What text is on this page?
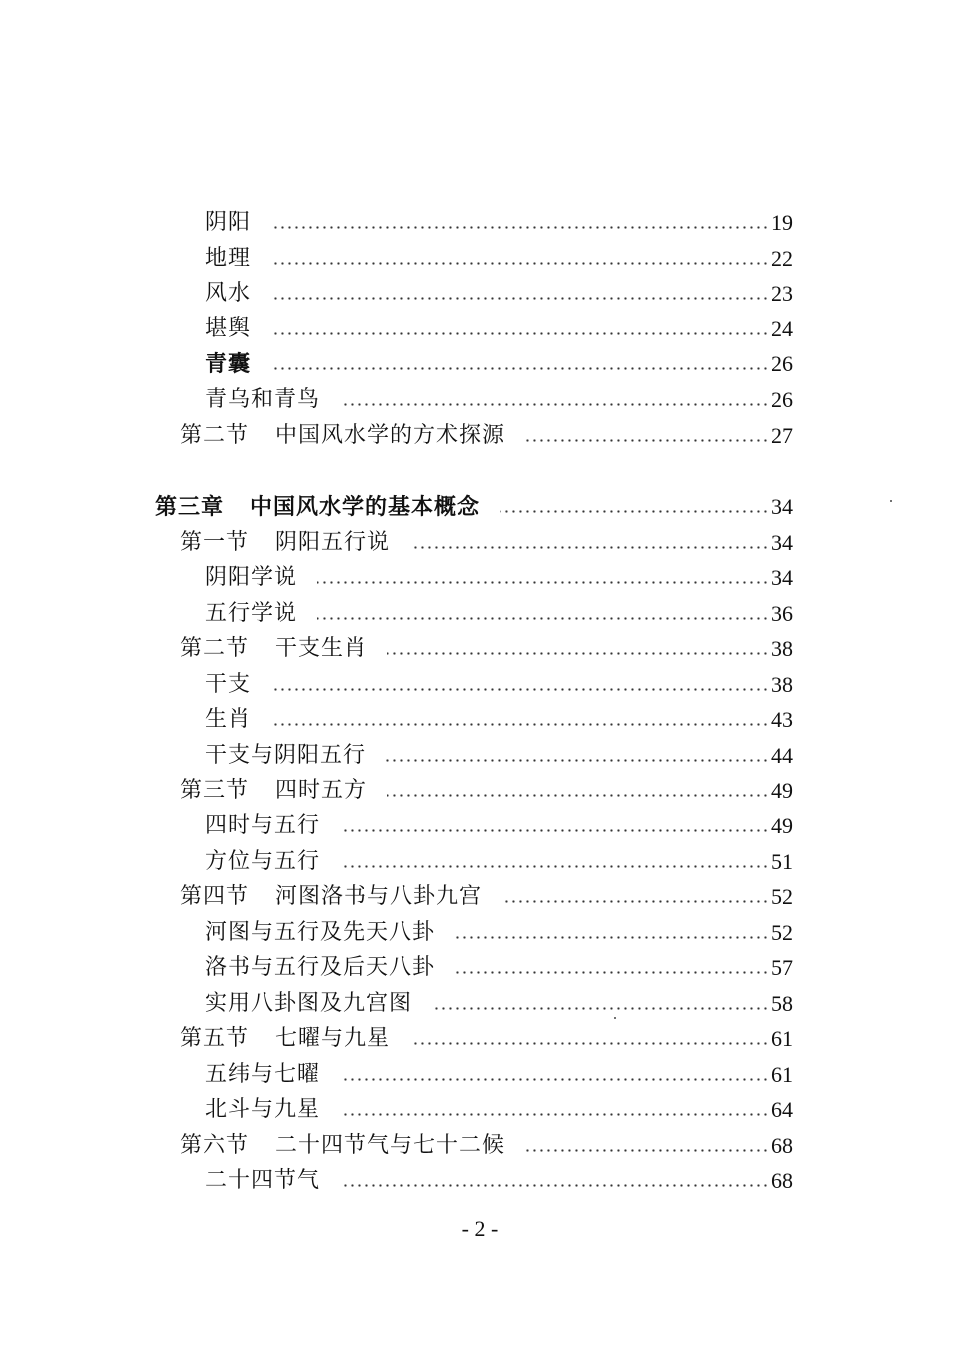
阴阳	19
地理	22
风水	23
堪舆	24
青囊	26
青乌和青鸟	26
第二节 中国风水学的方术探源	27
第三章 中国风水学的基本概念	34
第一节 阴阳五行说	34
阴阳学说	34
五行学说	36
第二节 干支生肖	38
干支	38
生肖	43
干支与阴阳五行	44
第三节 四时五方	49
四时与五行	49
方位与五行	51
第四节 河图洛书与八卦九宫	52
河图与五行及先天八卦	52
洛书与五行及后天八卦	57
实用八卦图及九宫图	58
第五节 七曜与九星	61
五纬与七曜	61
北斗与九星	64
第六节 二十四节气与七十二候	68
二十四节气	68
- 2 -
